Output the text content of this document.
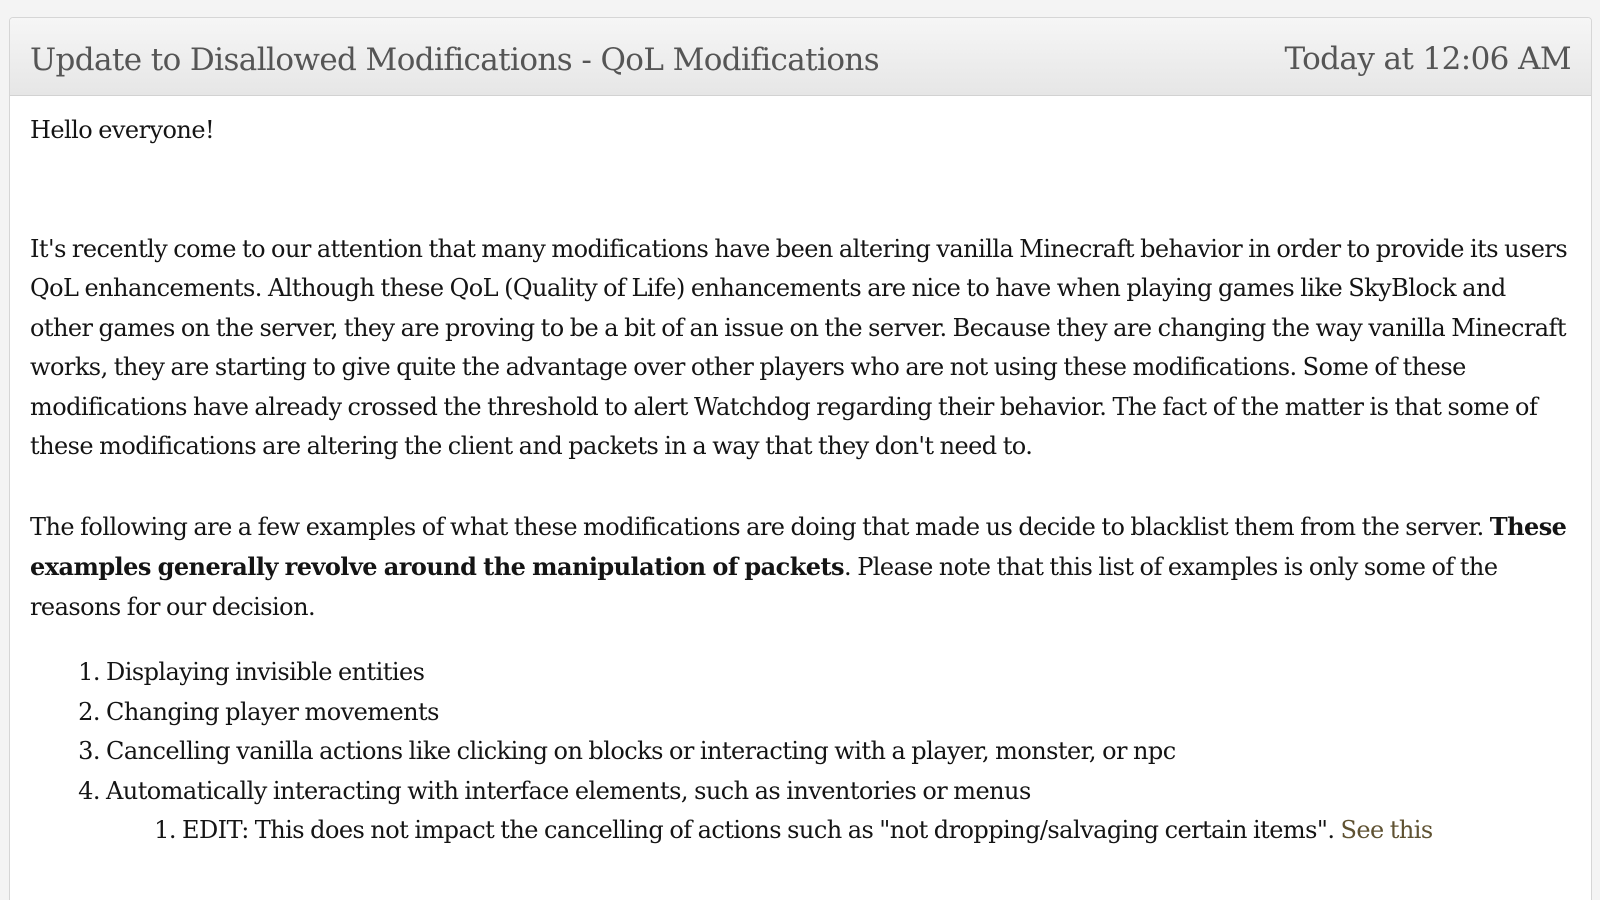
Update to Disallowed Modifications - QoL Modifications	Today at 12:06 AM

Hello everyone!

It's recently come to our attention that many modifications have been altering vanilla Minecraft behavior in order to provide its users QoL enhancements. Although these QoL (Quality of Life) enhancements are nice to have when playing games like SkyBlock and other games on the server, they are proving to be a bit of an issue on the server. Because they are changing the way vanilla Minecraft works, they are starting to give quite the advantage over other players who are not using these modifications. Some of these modifications have already crossed the threshold to alert Watchdog regarding their behavior. The fact of the matter is that some of these modifications are altering the client and packets in a way that they don't need to.

The following are a few examples of what these modifications are doing that made us decide to blacklist them from the server. These examples generally revolve around the manipulation of packets. Please note that this list of examples is only some of the reasons for our decision.

1. Displaying invisible entities
2. Changing player movements
3. Cancelling vanilla actions like clicking on blocks or interacting with a player, monster, or npc
4. Automatically interacting with interface elements, such as inventories or menus
1. EDIT: This does not impact the cancelling of actions such as "not dropping/salvaging certain items". See this
